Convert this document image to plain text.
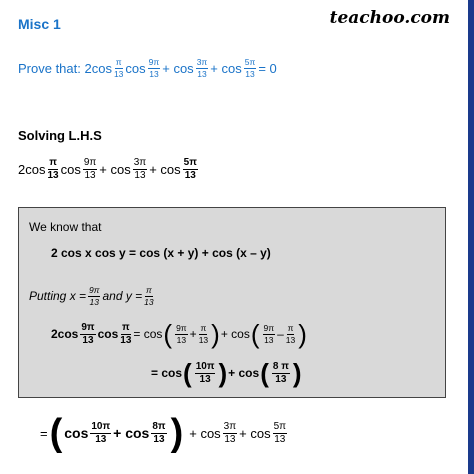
Misc 1	teachoo.com
Prove that: $2\cos \frac{\pi}{13}$ $\cos \frac{9\pi}{13} + \cos \frac{3\pi}{13} + \cos \frac{5\pi}{13} = 0$
Solving L.H.S
$2\cos \frac{\pi}{13}$ $\cos \frac{9\pi}{13} + \cos \frac{3\pi}{13} + \cos \frac{5\pi}{13}$
We know that
2 cos x cos y = cos (x + y) + cos (x – y)
Putting $x = \frac{9\pi}{13}$ and $y = \frac{\pi}{13}$
$2\cos \frac{9\pi}{13}$ $\cos \frac{\pi}{13} = \cos$ ( $\frac{9\pi}{13} + \frac{\pi}{13}$ ) + cos ( $\frac{9\pi}{13} - \frac{\pi}{13}$ )
= cos ( $\frac{10\pi}{13}$ ) + cos ( $\frac{8 \pi}{13}$ )
= ( $\cos \frac{10\pi}{13} + \cos \frac{8\pi}{13}$ ) + $\cos \frac{3\pi}{13} + \cos \frac{5\pi}{13}$
